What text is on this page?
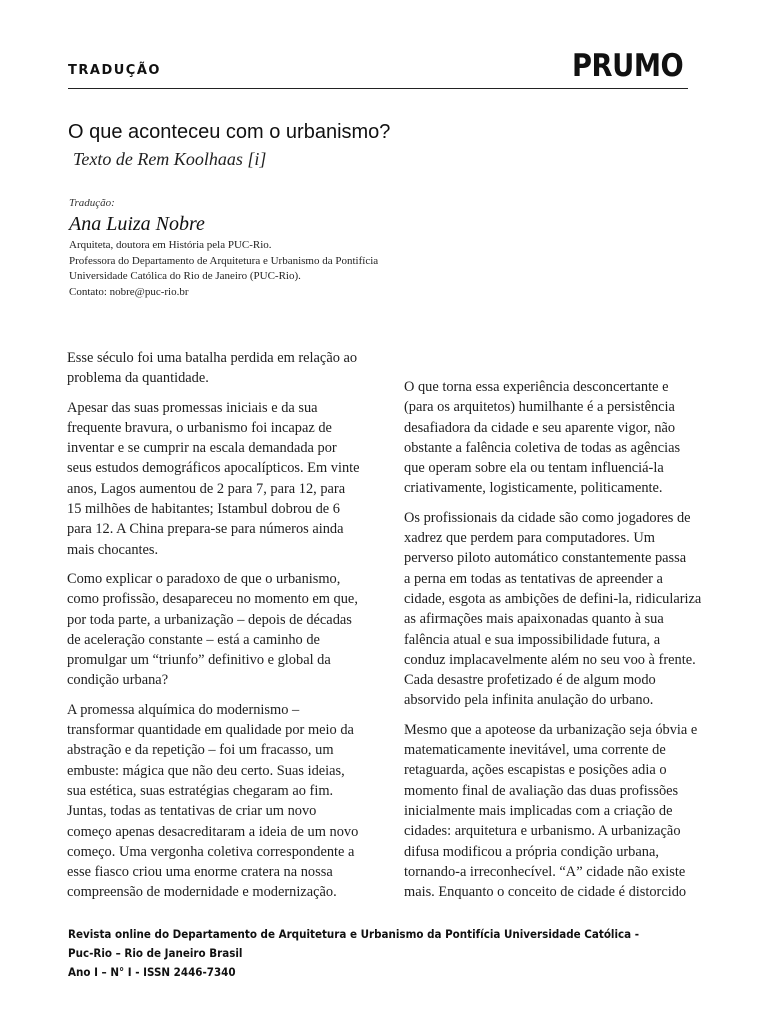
TRADUÇÃO	PRUMO
O que aconteceu com o urbanismo?
Texto de Rem Koolhaas [i]
Tradução:
Ana Luiza Nobre
Arquiteta, doutora em História pela PUC-Rio.
Professora do Departamento de Arquitetura e Urbanismo da Pontifícia
Universidade Católica do Rio de Janeiro (PUC-Rio).
Contato: nobre@puc-rio.br

Esse século foi uma batalha perdida em relação ao
problema da quantidade.

Apesar das suas promessas iniciais e da sua
frequente bravura, o urbanismo foi incapaz de
inventar e se cumprir na escala demandada por
seus estudos demográficos apocalípticos. Em vinte
anos, Lagos aumentou de 2 para 7, para 12, para
15 milhões de habitantes; Istambul dobrou de 6
para 12. A China prepara-se para números ainda
mais chocantes.

Como explicar o paradoxo de que o urbanismo,
como profissão, desapareceu no momento em que,
por toda parte, a urbanização – depois de décadas
de aceleração constante – está a caminho de
promulgar um “triunfo” definitivo e global da
condição urbana?

A promessa alquímica do modernismo –
transformar quantidade em qualidade por meio da
abstração e da repetição – foi um fracasso, um
embuste: mágica que não deu certo. Suas ideias,
sua estética, suas estratégias chegaram ao fim.
Juntas, todas as tentativas de criar um novo
começo apenas desacreditaram a ideia de um novo
começo. Uma vergonha coletiva correspondente a
esse fiasco criou uma enorme cratera na nossa
compreensão de modernidade e modernização.

O que torna essa experiência desconcertante e
(para os arquitetos) humilhante é a persistência
desafiadora da cidade e seu aparente vigor, não
obstante a falência coletiva de todas as agências
que operam sobre ela ou tentam influenciá-la
criativamente, logisticamente, politicamente.

Os profissionais da cidade são como jogadores de
xadrez que perdem para computadores. Um
perverso piloto automático constantemente passa
a perna em todas as tentativas de apreender a
cidade, esgota as ambições de defini-la, ridiculariza
as afirmações mais apaixonadas quanto à sua
falência atual e sua impossibilidade futura, a
conduz implacavelmente além no seu voo à frente.
Cada desastre profetizado é de algum modo
absorvido pela infinita anulação do urbano.

Mesmo que a apoteose da urbanização seja óbvia e
matematicamente inevitável, uma corrente de
retaguarda, ações escapistas e posições adia o
momento final de avaliação das duas profissões
inicialmente mais implicadas com a criação de
cidades: arquitetura e urbanismo. A urbanização
difusa modificou a própria condição urbana,
tornando-a irreconhecível. “A” cidade não existe
mais. Enquanto o conceito de cidade é distorcido

Revista online do Departamento de Arquitetura e Urbanismo da Pontifícia Universidade Católica -
Puc-Rio – Rio de Janeiro Brasil
Ano I – N° I - ISSN 2446-7340
